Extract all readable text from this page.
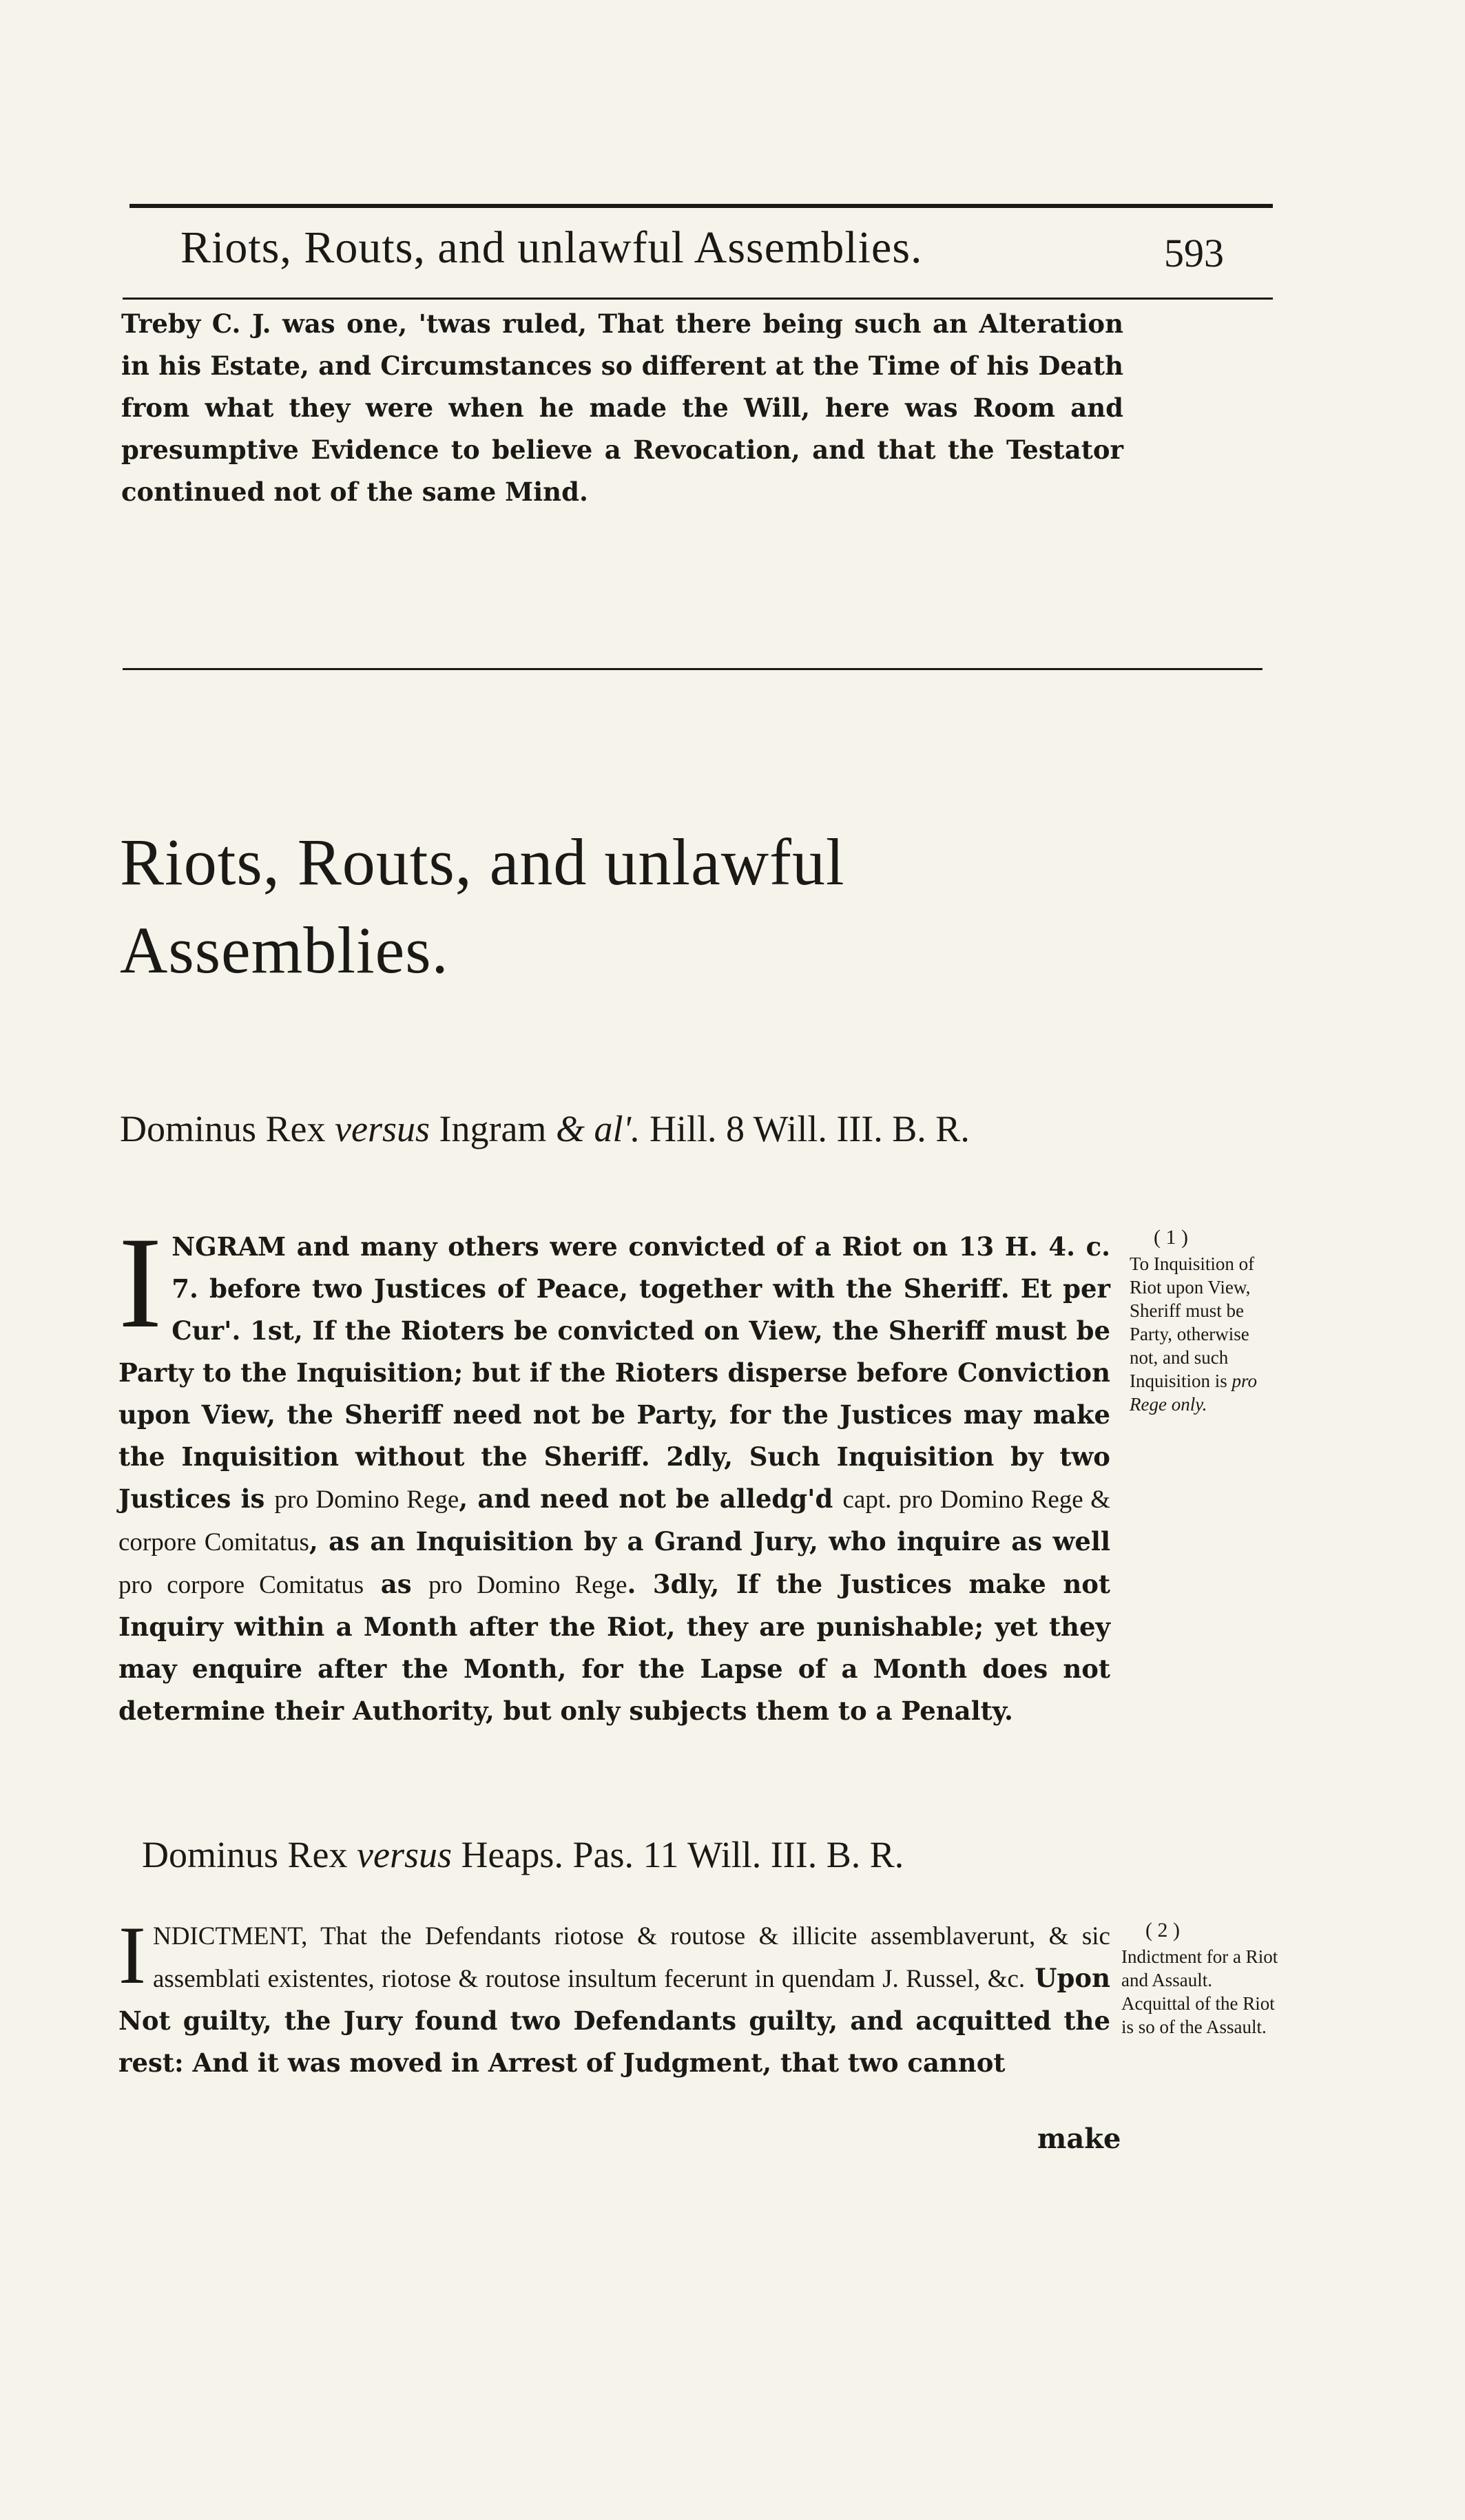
Riots, Routs, and unlawful Assemblies.	593
Treby C. J. was one, 'twas ruled, That there being such an Alteration in his Estate, and Circumstances so different at the Time of his Death from what they were when he made the Will, here was Room and presumptive Evidence to believe a Revocation, and that the Testator continued not of the same Mind.
Riots, Routs, and unlawful Assemblies.
Dominus Rex versus Ingram & al'. Hill. 8 Will. III. B. R.
INGRAM and many others were convicted of a Riot on 13 H. 4. c. 7. before two Justices of Peace, together with the Sheriff. Et per Cur'. 1st, If the Rioters be convicted on View, the Sheriff must be Party to the Inquisition; but if the Rioters disperse before Conviction upon View, the Sheriff need not be Party, for the Justices may make the Inquisition without the Sheriff. 2dly, Such Inquisition by two Justices is pro Domino Rege, and need not be alledg'd capt. pro Domino Rege & corpore Comitatus, as an Inquisition by a Grand Jury, who inquire as well pro corpore Comitatus as pro Domino Rege. 3dly, If the Justices make not Inquiry within a Month after the Riot, they are punishable; yet they may enquire after the Month, for the Lapse of a Month does not determine their Authority, but only subjects them to a Penalty.
( 1 )
To Inquisition of Riot upon View, Sheriff must be Party, otherwise not, and such Inquisition is pro Rege only.
Dominus Rex versus Heaps. Pas. 11 Will. III. B. R.
INDICTMENT, That the Defendants riotose & routose & illicite assemblaverunt, & sic assemblati existentes, riotose & routose insultum fecerunt in quendam J. Russel, &c. Upon Not guilty, the Jury found two Defendants guilty, and acquitted the rest: And it was moved in Arrest of Judgment, that two cannot
make
( 2 )
Indictment for a Riot and Assault. Acquittal of the Riot is so of the Assault.
